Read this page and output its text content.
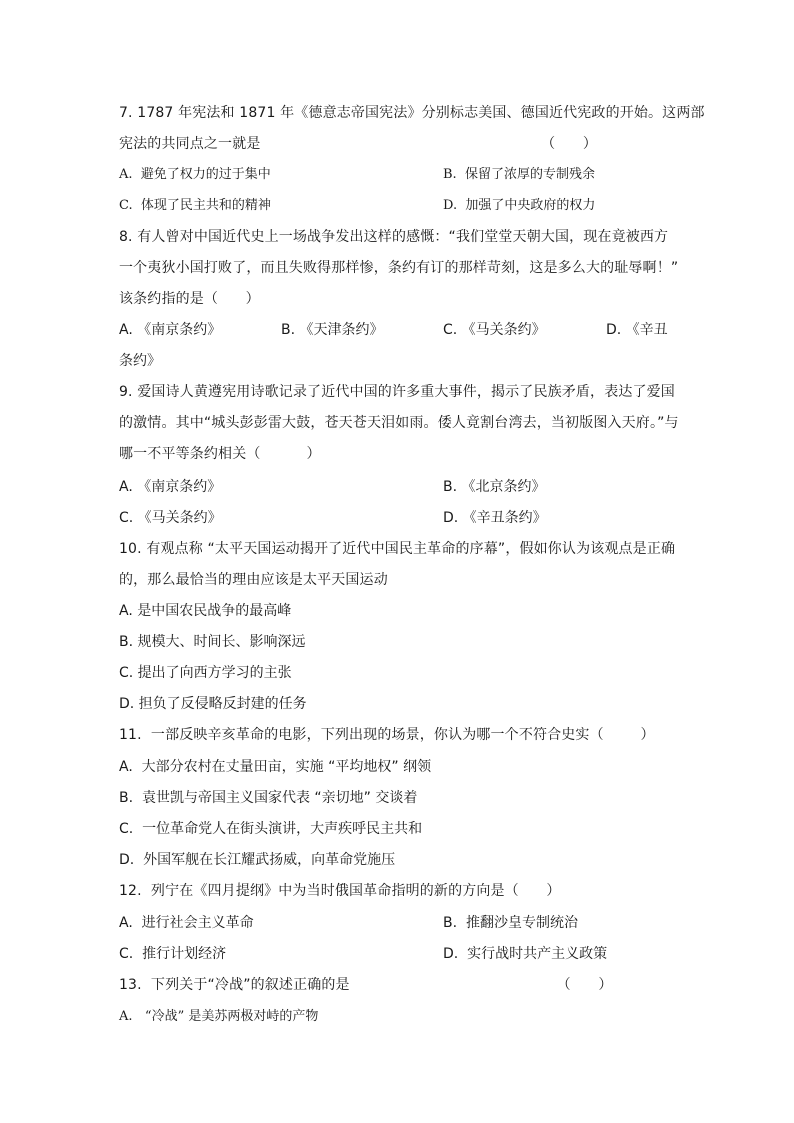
7. 1787 年宪法和 1871 年《德意志帝国宪法》分别标志美国、德国近代宪政的开始。这两部
宪法的共同点之一就是                                                             （      ）
A.  避免了权力的过于集中	B.  保留了浓厚的专制残余
C.  体现了民主共和的精神	D.  加强了中央政府的权力
8. 有人曾对中国近代史上一场战争发出这样的感慨：“我们堂堂天朝大国，现在竟被西方
一个夷狄小国打败了，而且失败得那样惨，条约有订的那样苛刻，这是多么大的耻辱啊！”
该条约指的是（      ）
A. 《南京条约》	B. 《天津条约》	C. 《马关条约》	D. 《辛丑
条约》
9. 爱国诗人黄遵宪用诗歌记录了近代中国的许多重大事件，揭示了民族矛盾，表达了爱国
的激情。其中“城头彭彭雷大鼓，苍天苍天泪如雨。倭人竟割台湾去，当初版图入天府。”与
哪一不平等条约相关（          ）
A. 《南京条约》	B. 《北京条约》
C. 《马关条约》	D. 《辛丑条约》
10. 有观点称 “太平天国运动揭开了近代中国民主革命的序幕”，假如你认为该观点是正确
的，那么最恰当的理由应该是太平天国运动
A. 是中国农民战争的最高峰
B. 规模大、时间长、影响深远
C. 提出了向西方学习的主张
D. 担负了反侵略反封建的任务
11.  一部反映辛亥革命的电影，下列出现的场景，你认为哪一个不符合史实（        ）
A.  大部分农村在丈量田亩，实施 “平均地权” 纲领
B.  袁世凯与帝国主义国家代表 “亲切地” 交谈着
C.  一位革命党人在街头演讲，大声疾呼民主共和
D.  外国军舰在长江耀武扬威，向革命党施压
12.  列宁在《四月提纲》中为当时俄国革命指明的新的方向是（      ）
A.  进行社会主义革命	B.  推翻沙皇专制统治
C.  推行计划经济	D.  实行战时共产主义政策
13.  下列关于“冷战”的叙述正确的是                                             （      ）
A.   “冷战” 是美苏两极对峙的产物
